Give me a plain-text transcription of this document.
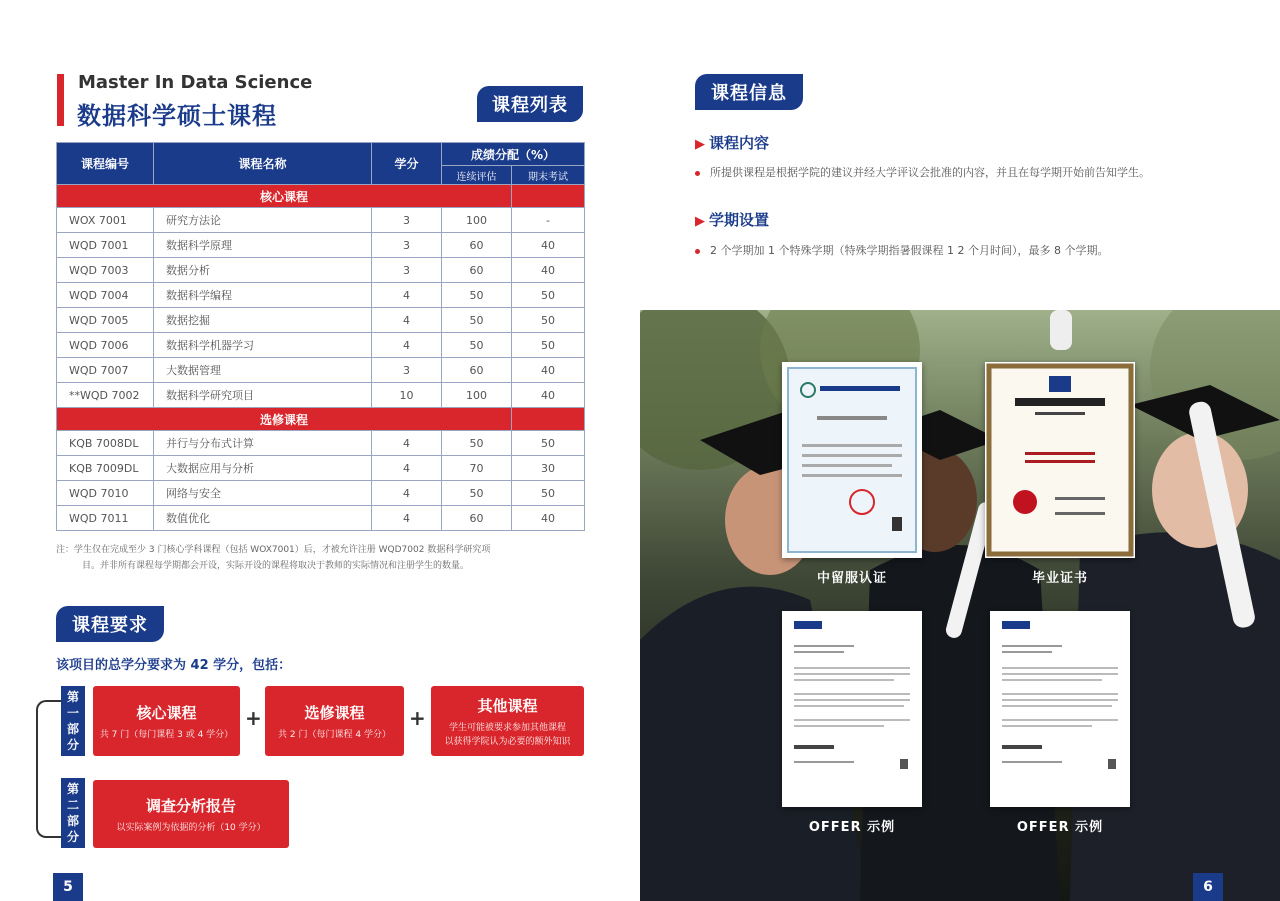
Master In Data Science
数据科学硕士课程	课程列表
课程编号	课程名称	学分	成绩分配（%）	
			连续评估	期末考试
核心课程				
WOX 7001	研究方法论	3	100	-
WQD 7001	数据科学原理	3	60	40
WQD 7003	数据分析	3	60	40
WQD 7004	数据科学编程	4	50	50
WQD 7005	数据挖掘	4	50	50
WQD 7006	数据科学机器学习	4	50	50
WQD 7007	大数据管理	3	60	40
**WQD 7002	数据科学研究项目	10	100	40
选修课程				
KQB 7008DL	并行与分布式计算	4	50	50
KQB 7009DL	大数据应用与分析	4	70	30
WQD 7010	网络与安全	4	50	50
WQD 7011	数值优化	4	60	40
注：学生仅在完成至少 3 门核心学科课程（包括 WOX7001）后，才被允许注册 WQD7002 数据科学研究项
目。并非所有课程每学期都会开设，实际开设的课程将取决于教师的实际情况和注册学生的数量。
课程要求
该项目的总学分要求为 42 学分，包括：
第
一
部
分
核心课程
共 7 门（每门课程 3 或 4 学分）
+	选修课程
共 2 门（每门课程 4 学分）
+	其他课程
学生可能被要求参加其他课程
以获得学院认为必要的额外知识
第
二
部
分
调查分析报告
以实际案例为依据的分析（10 学分）
5
课程信息
▶ 课程内容
所提供课程是根据学院的建议并经大学评议会批准的内容，并且在每学期开始前告知学生。
▶ 学期设置
2 个学期加 1 个特殊学期（特殊学期指暑假课程 1 2 个月时间），最多 8 个学期。
中留服认证	毕业证书
OFFER 示例	OFFER 示例
6
